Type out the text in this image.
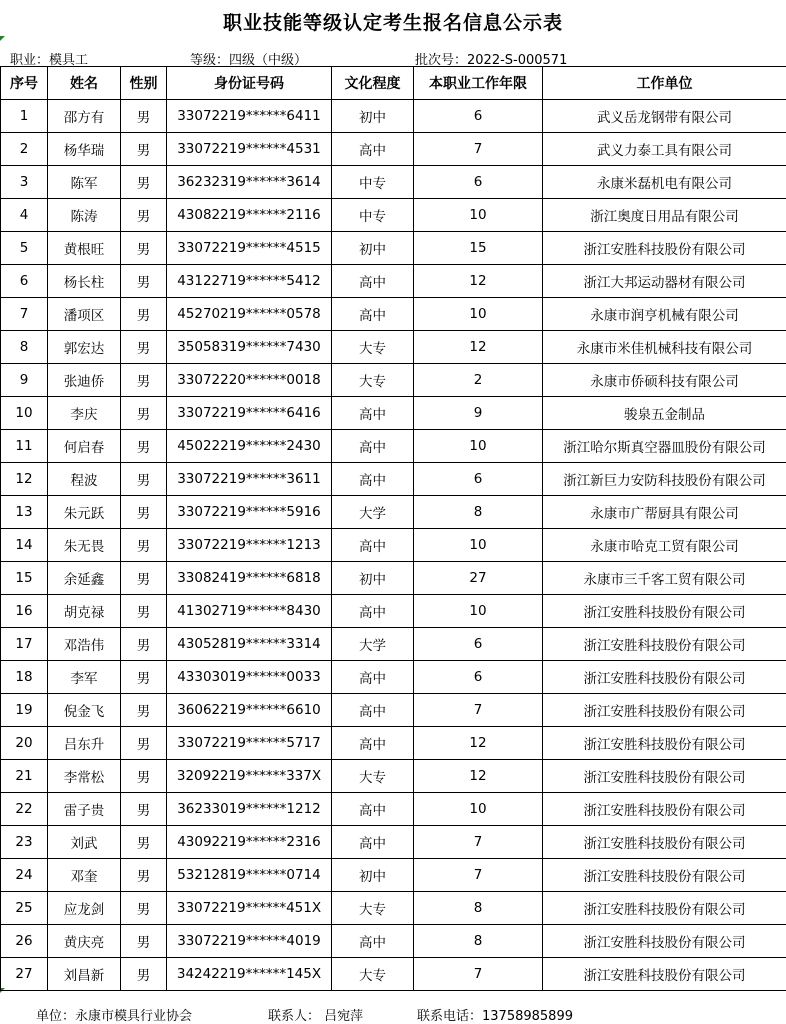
职业技能等级认定考生报名信息公示表
职业：模具工	等级：四级（中级）	批次号：2022-S-000571
序号	姓名	性别	身份证号码	文化程度	本职业工作年限	工作单位
1	邵方有	男	33072219******6411	初中	6	武义岳龙钢带有限公司
2	杨华瑞	男	33072219******4531	高中	7	武义力泰工具有限公司
3	陈军	男	36232319******3614	中专	6	永康米磊机电有限公司
4	陈涛	男	43082219******2116	中专	10	浙江奥度日用品有限公司
5	黄根旺	男	33072219******4515	初中	15	浙江安胜科技股份有限公司
6	杨长柱	男	43122719******5412	高中	12	浙江大邦运动器材有限公司
7	潘项区	男	45270219******0578	高中	10	永康市润亨机械有限公司
8	郭宏达	男	35058319******7430	大专	12	永康市米佳机械科技有限公司
9	张迪侨	男	33072220******0018	大专	2	永康市侨硕科技有限公司
10	李庆	男	33072219******6416	高中	9	骏泉五金制品
11	何启春	男	45022219******2430	高中	10	浙江哈尔斯真空器皿股份有限公司
12	程波	男	33072219******3611	高中	6	浙江新巨力安防科技股份有限公司
13	朱元跃	男	33072219******5916	大学	8	永康市广帮厨具有限公司
14	朱无畏	男	33072219******1213	高中	10	永康市哈克工贸有限公司
15	余延鑫	男	33082419******6818	初中	27	永康市三千客工贸有限公司
16	胡克禄	男	41302719******8430	高中	10	浙江安胜科技股份有限公司
17	邓浩伟	男	43052819******3314	大学	6	浙江安胜科技股份有限公司
18	李军	男	43303019******0033	高中	6	浙江安胜科技股份有限公司
19	倪金飞	男	36062219******6610	高中	7	浙江安胜科技股份有限公司
20	吕东升	男	33072219******5717	高中	12	浙江安胜科技股份有限公司
21	李常松	男	32092219******337X	大专	12	浙江安胜科技股份有限公司
22	雷子贵	男	36233019******1212	高中	10	浙江安胜科技股份有限公司
23	刘武	男	43092219******2316	高中	7	浙江安胜科技股份有限公司
24	邓奎	男	53212819******0714	初中	7	浙江安胜科技股份有限公司
25	应龙剑	男	33072219******451X	大专	8	浙江安胜科技股份有限公司
26	黄庆亮	男	33072219******4019	高中	8	浙江安胜科技股份有限公司
27	刘昌新	男	34242219******145X	大专	7	浙江安胜科技股份有限公司
单位：永康市模具行业协会	联系人： 吕宛萍	联系电话：13758985899
